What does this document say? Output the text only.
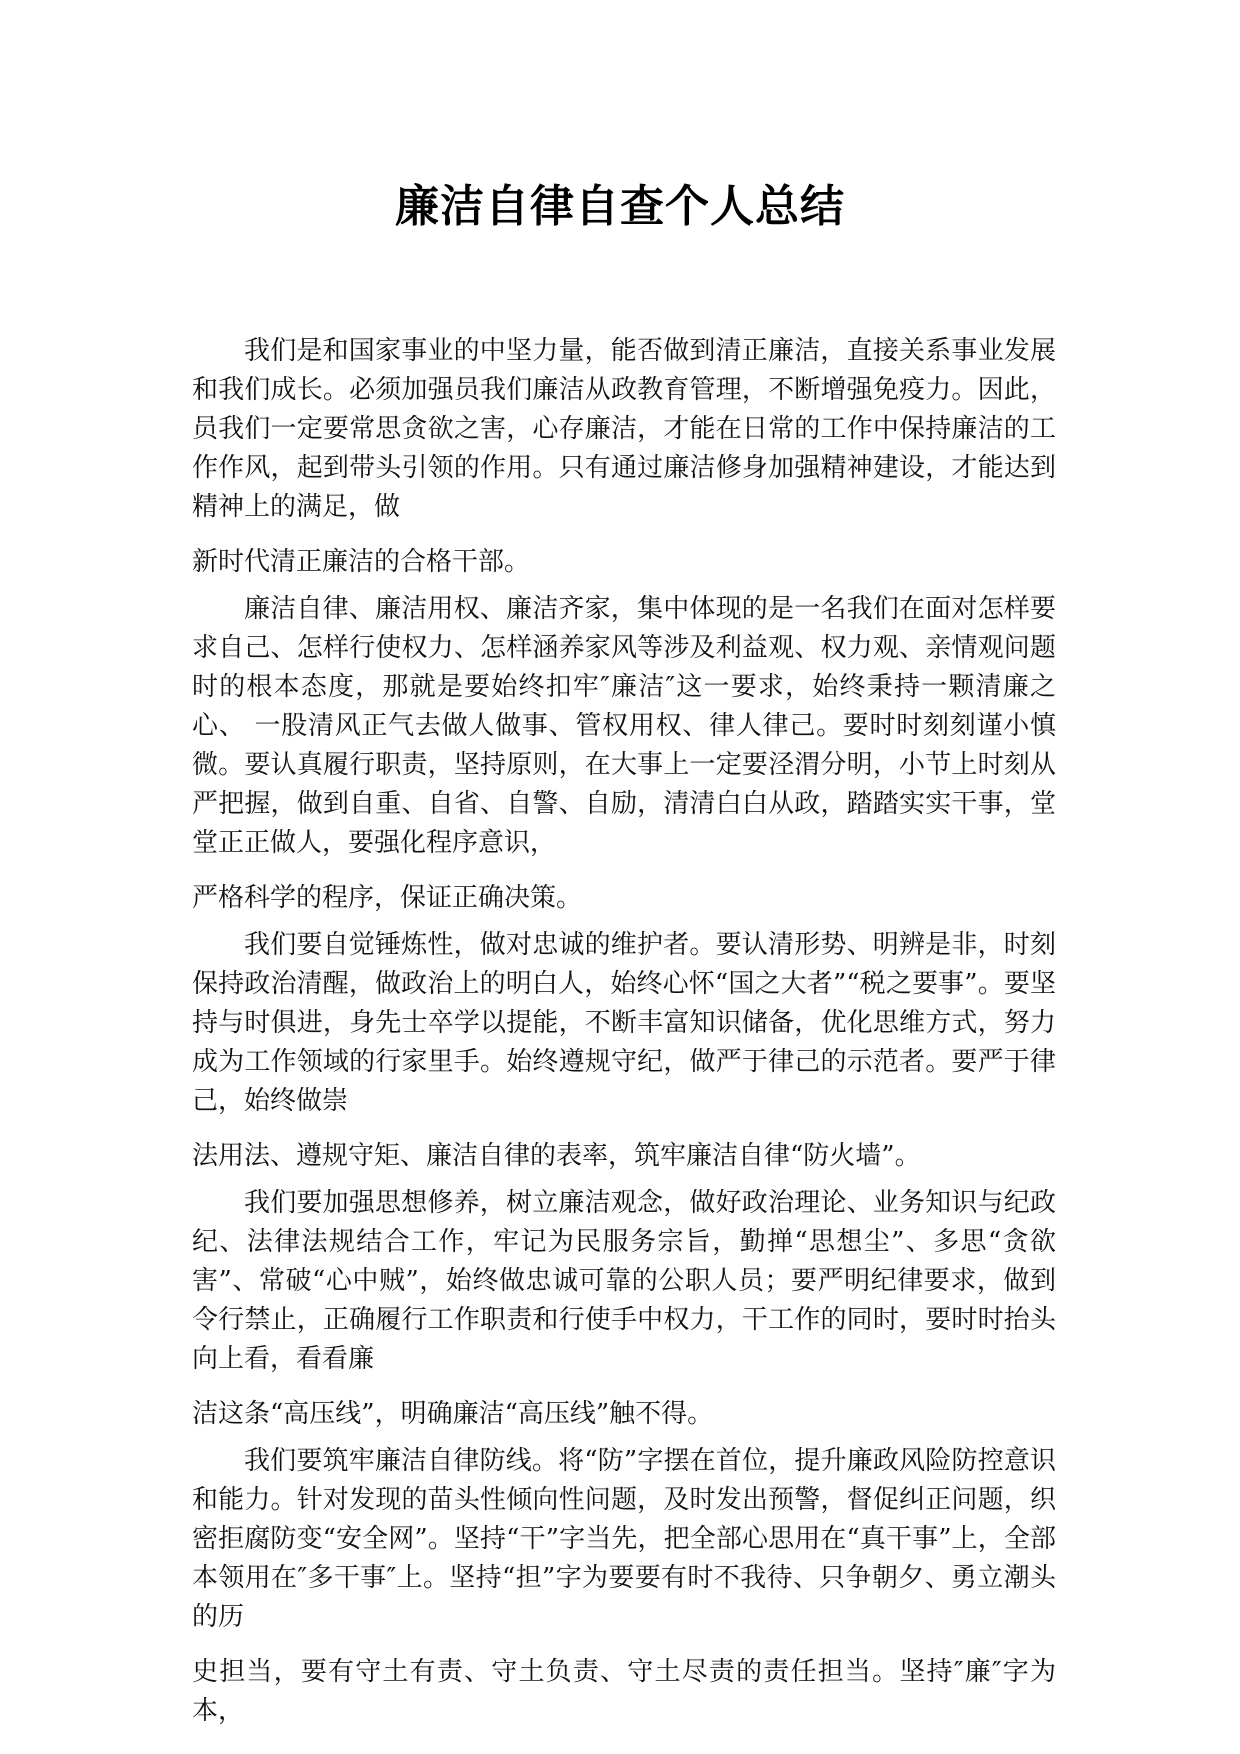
廉洁自律自查个人总结

我们是和国家事业的中坚力量，能否做到清正廉洁，直接关系事业发展和我们成长。必须加强员我们廉洁从政教育管理，不断增强免疫力。因此，员我们一定要常思贪欲之害，心存廉洁，才能在日常的工作中保持廉洁的工作作风，起到带头引领的作用。只有通过廉洁修身加强精神建设，才能达到精神上的满足，做
新时代清正廉洁的合格干部。

廉洁自律、廉洁用权、廉洁齐家，集中体现的是一名我们在面对怎样要求自己、怎样行使权力、怎样涵养家风等涉及利益观、权力观、亲情观问题时的根本态度，那就是要始终扣牢″廉洁″这一要求，始终秉持一颗清廉之心、 一股清风正气去做人做事、管权用权、律人律己。要时时刻刻谨小慎微。要认真履行职责，坚持原则，在大事上一定要泾渭分明，小节上时刻从严把握，做到自重、自省、自警、自励，清清白白从政，踏踏实实干事，堂堂正正做人，要强化程序意识，
严格科学的程序，保证正确决策。

我们要自觉锤炼性，做对忠诚的维护者。要认清形势、明辨是非，时刻保持政治清醒，做政治上的明白人，始终心怀“国之大者”“税之要事”。要坚持与时俱进，身先士卒学以提能，不断丰富知识储备，优化思维方式，努力成为工作领域的行家里手。始终遵规守纪，做严于律己的示范者。要严于律己，始终做崇
法用法、遵规守矩、廉洁自律的表率，筑牢廉洁自律“防火墙”。

我们要加强思想修养，树立廉洁观念，做好政治理论、业务知识与纪政纪、法律法规结合工作，牢记为民服务宗旨，勤掸“思想尘”、多思“贪欲害”、常破“心中贼”，始终做忠诚可靠的公职人员；要严明纪律要求，做到令行禁止，正确履行工作职责和行使手中权力，干工作的同时，要时时抬头向上看，看看廉
洁这条“高压线”，明确廉洁“高压线”触不得。

我们要筑牢廉洁自律防线。将“防”字摆在首位，提升廉政风险防控意识和能力。针对发现的苗头性倾向性问题，及时发出预警，督促纠正问题，织密拒腐防变“安全网”。坚持“干”字当先，把全部心思用在“真干事”上，全部本领用在″多干事″上。坚持“担”字为要要有时不我待、只争朝夕、勇立潮头的历
史担当，要有守土有责、守土负责、守土尽责的责任担当。坚持″廉″字为本，
